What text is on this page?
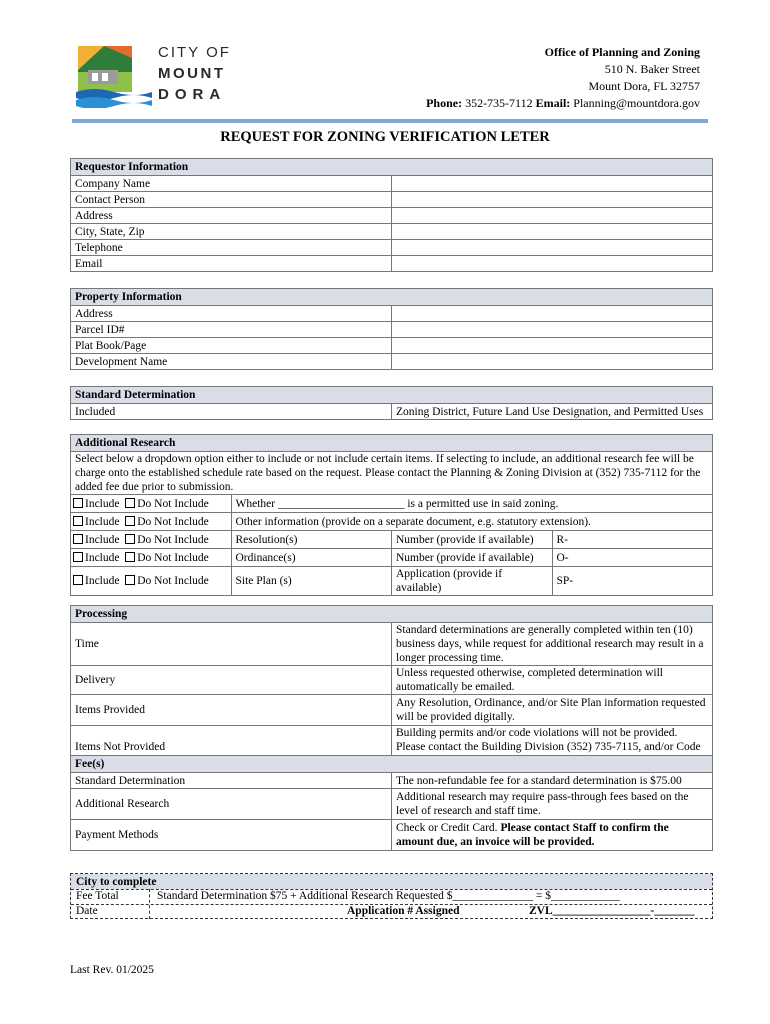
CITY OF
MOUNT
DORA
Office of Planning and Zoning
510 N. Baker Street
Mount Dora, FL 32757
Phone: 352-735-7112 Email: Planning@mountdora.gov
REQUEST FOR ZONING VERIFICATION LETER
Requestor Information	
Company Name	
Contact Person	
Address	
City, State, Zip	
Telephone	
Email	
Property Information	
Address	
Parcel ID#	
Plat Book/Page	
Development Name	
Standard Determination
Included	Zoning District, Future Land Use Designation, and Permitted Uses
Additional Research			
Select below a dropdown option either to include or not include certain items. If selecting to include, an additional research fee will be charge onto the established schedule rate based on the request. Please contact the Planning & Zoning Division at (352) 735-7112 for the added fee due prior to submission.			
Include Do Not Include	Whether ______________________ is a permitted use in said zoning.		
Include Do Not Include	Other information (provide on a separate document, e.g. statutory extension).		
Include Do Not Include	Resolution(s)	Number (provide if available)	R-
Include Do Not Include	Ordinance(s)	Number (provide if available)	O-
Include Do Not Include	Site Plan (s)	Application (provide if available)	SP-
Processing	
Time	Standard determinations are generally completed within ten (10) business days, while request for additional research may result in a longer processing time.
Delivery	Unless requested otherwise, completed determination will automatically be emailed.
Items Provided	Any Resolution, Ordinance, and/or Site Plan information requested will be provided digitally.
Items Not Provided	Building permits and/or code violations will not be provided. Please contact the Building Division (352) 735-7115, and/or Code
Fee(s)	
Standard Determination	The non-refundable fee for a standard determination is $75.00
Additional Research	Additional research may require pass-through fees based on the level of research and staff time.
Payment Methods	Check or Credit Card. Please contact Staff to confirm the amount due, an invoice will be provided.
City to complete
Fee Total	Standard Determination $75 + Additional Research Requested $______________ = $____________
Date	Application # Assigned	ZVL_________________-_______
Last Rev. 01/2025
